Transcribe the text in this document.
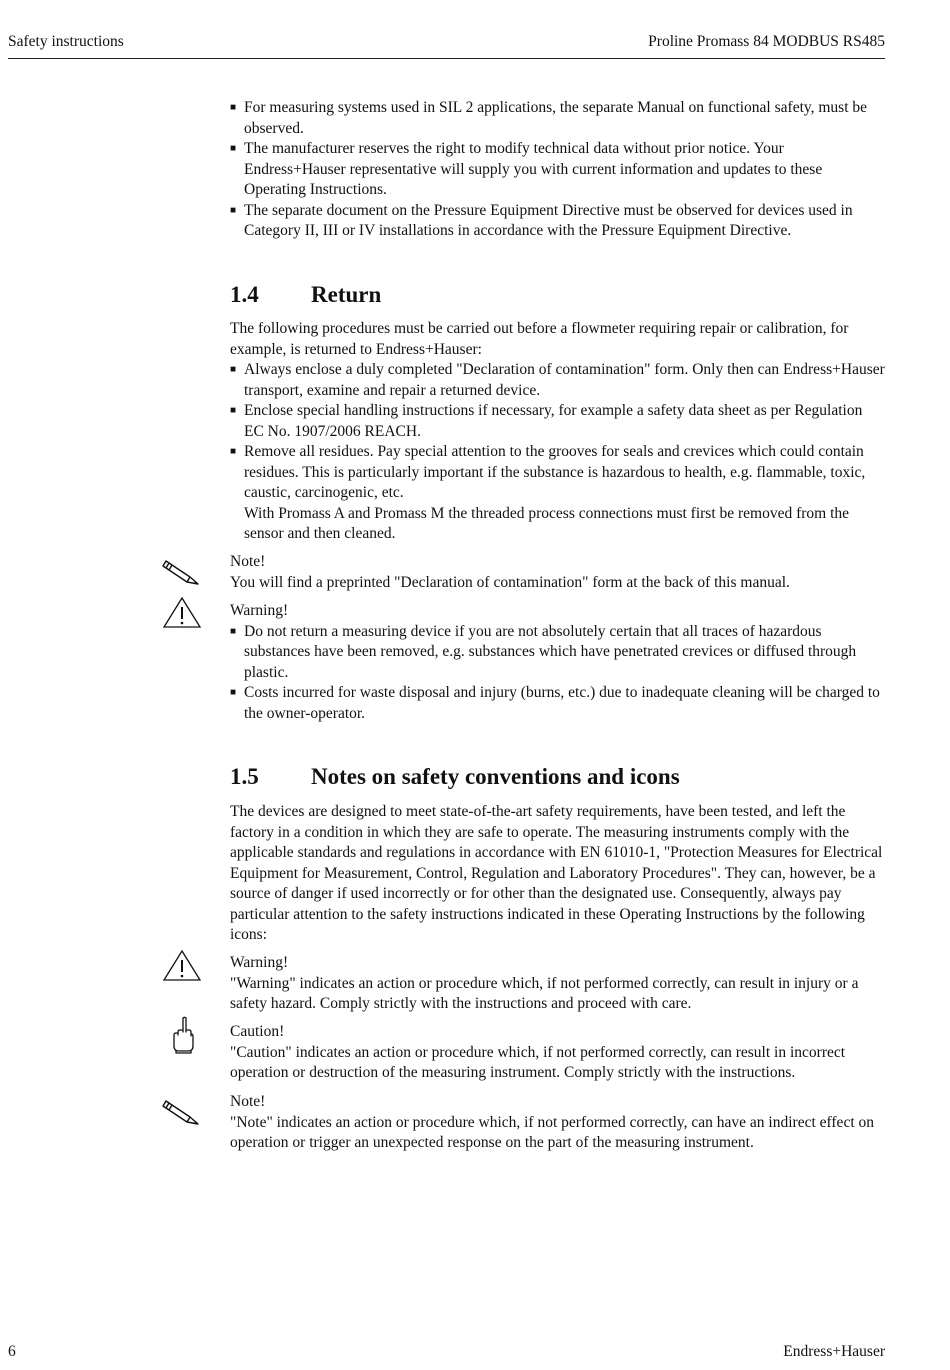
Safety instructions	Proline Promass 84 MODBUS RS485
■ For measuring systems used in SIL 2 applications, the separate Manual on functional safety, must be observed.
■ The manufacturer reserves the right to modify technical data without prior notice. Your Endress+Hauser representative will supply you with current information and updates to these Operating Instructions.
■ The separate document on the Pressure Equipment Directive must be observed for devices used in Category II, III or IV installations in accordance with the Pressure Equipment Directive.
1.4	Return

The following procedures must be carried out before a flowmeter requiring repair or calibration, for example, is returned to Endress+Hauser:

■ Always enclose a duly completed "Declaration of contamination" form. Only then can Endress+Hauser transport, examine and repair a returned device.
■ Enclose special handling instructions if necessary, for example a safety data sheet as per Regulation EC No. 1907/2006 REACH.
■ Remove all residues. Pay special attention to the grooves for seals and crevices which could contain residues. This is particularly important if the substance is hazardous to health, e.g. flammable, toxic, caustic, carcinogenic, etc.

With Promass A and Promass M the threaded process connections must first be removed from the sensor and then cleaned.

Note!

You will find a preprinted "Declaration of contamination" form at the back of this manual.

Warning!
■ Do not return a measuring device if you are not absolutely certain that all traces of hazardous substances have been removed, e.g. substances which have penetrated crevices or diffused through plastic.
■ Costs incurred for waste disposal and injury (burns, etc.) due to inadequate cleaning will be charged to the owner-operator.
1.5	Notes on safety conventions and icons

The devices are designed to meet state-of-the-art safety requirements, have been tested, and left the factory in a condition in which they are safe to operate. The measuring instruments comply with the applicable standards and regulations in accordance with EN 61010-1, "Protection Measures for Electrical Equipment for Measurement, Control, Regulation and Laboratory Procedures". They can, however, be a source of danger if used incorrectly or for other than the designated use. Consequently, always pay particular attention to the safety instructions indicated in these Operating Instructions by the following icons:

Warning!

"Warning" indicates an action or procedure which, if not performed correctly, can result in injury or a safety hazard. Comply strictly with the instructions and proceed with care.

Caution!

"Caution" indicates an action or procedure which, if not performed correctly, can result in incorrect operation or destruction of the measuring instrument. Comply strictly with the instructions.

Note!

"Note" indicates an action or procedure which, if not performed correctly, can have an indirect effect on operation or trigger an unexpected response on the part of the measuring instrument.

6	Endress+Hauser
